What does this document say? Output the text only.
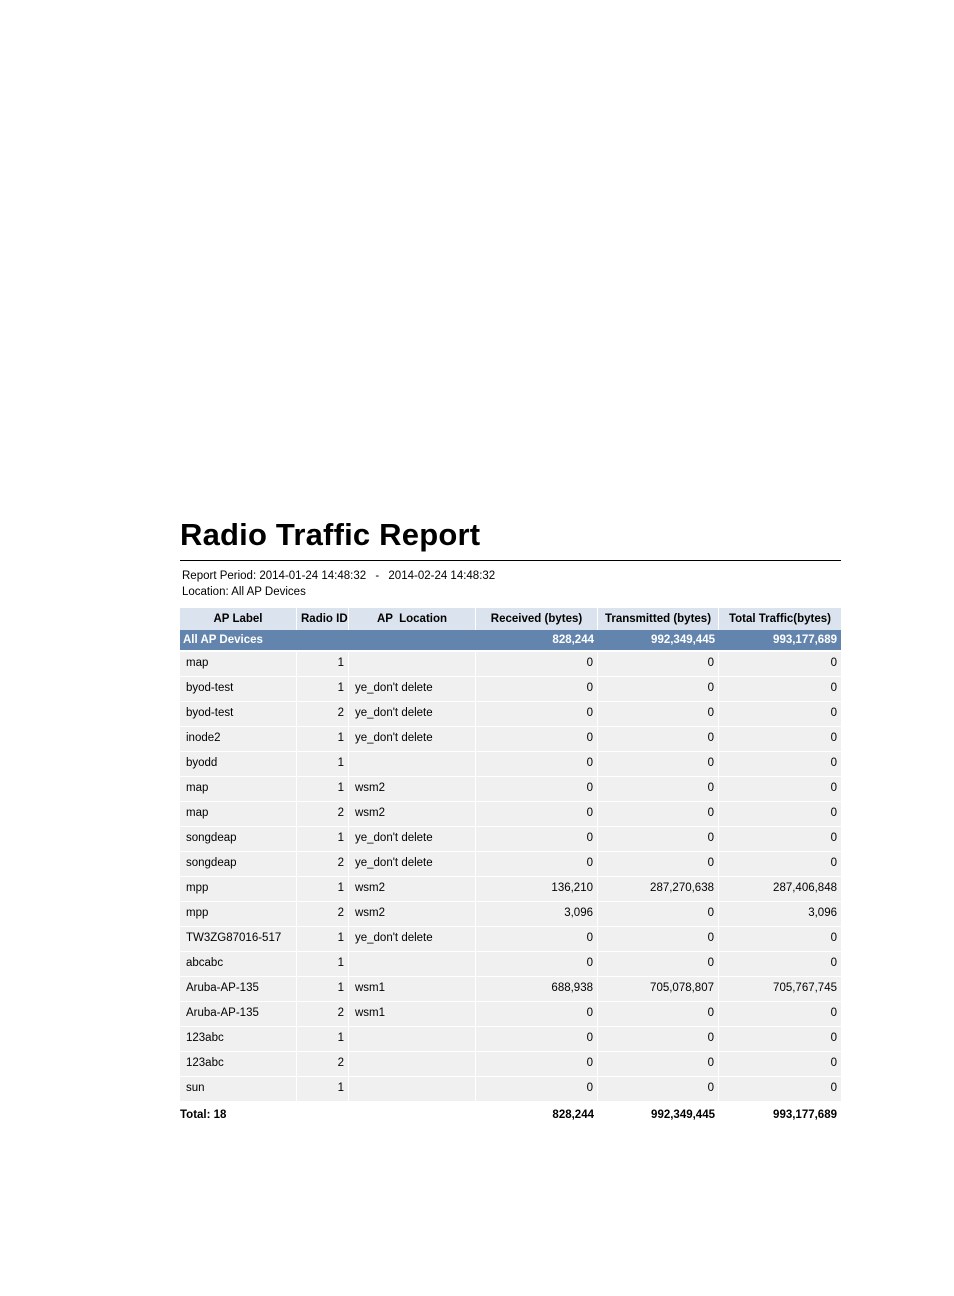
Radio Traffic Report
Report Period: 2014-01-24 14:48:32 - 2014-02-24 14:48:32
Location: All AP Devices
AP Label	Radio ID	AP  Location	Received (bytes)	Transmitted (bytes)	Total Traffic(bytes)
All AP Devices			828,244	992,349,445	993,177,689
map	1		0	0	0
byod-test	1	ye_don't delete	0	0	0
byod-test	2	ye_don't delete	0	0	0
inode2	1	ye_don't delete	0	0	0
byodd	1		0	0	0
map	1	wsm2	0	0	0
map	2	wsm2	0	0	0
songdeap	1	ye_don't delete	0	0	0
songdeap	2	ye_don't delete	0	0	0
mpp	1	wsm2	136,210	287,270,638	287,406,848
mpp	2	wsm2	3,096	0	3,096
TW3ZG87016-517	1	ye_don't delete	0	0	0
abcabc	1		0	0	0
Aruba-AP-135	1	wsm1	688,938	705,078,807	705,767,745
Aruba-AP-135	2	wsm1	0	0	0
123abc	1		0	0	0
123abc	2		0	0	0
sun	1		0	0	0
Total: 18			828,244	992,349,445	993,177,689
